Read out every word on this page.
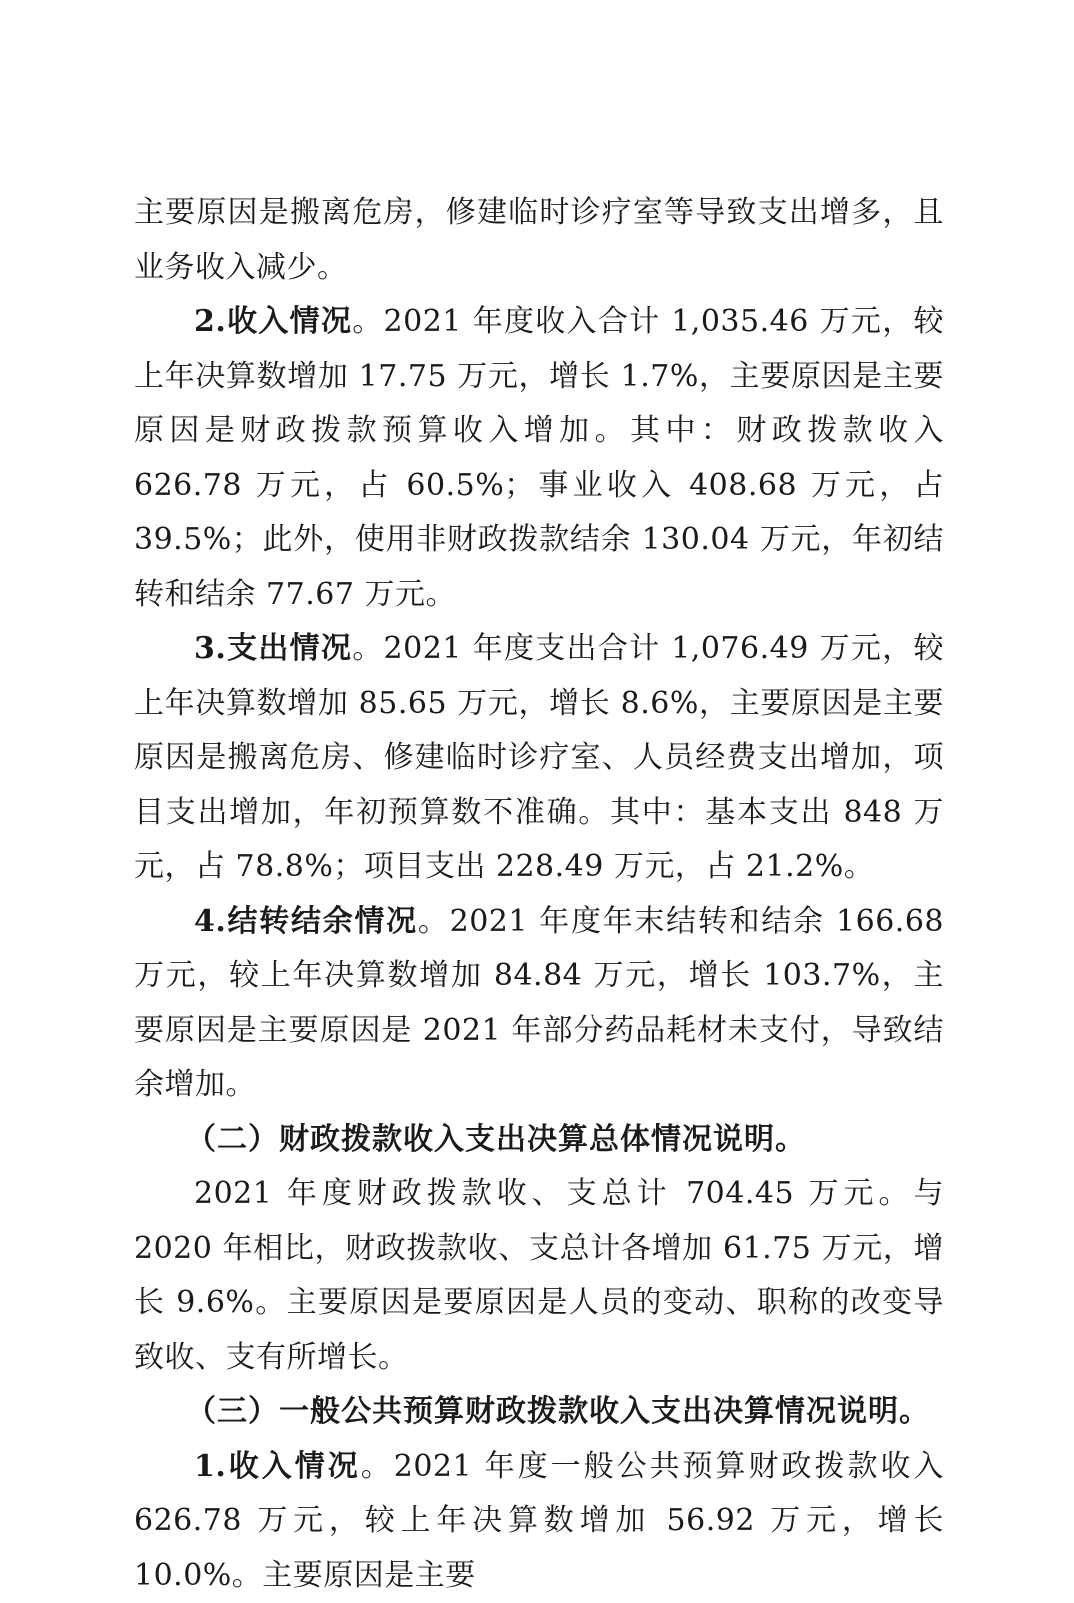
主要原因是搬离危房，修建临时诊疗室等导致支出增多，且业务收入减少。

2.收入情况。2021 年度收入合计 1,035.46 万元，较上年决算数增加 17.75 万元，增长 1.7%，主要原因是主要原因是财政拨款预算收入增加。其中：财政拨款收入 626.78 万元，占 60.5%；事业收入 408.68 万元，占 39.5%；此外，使用非财政拨款结余 130.04 万元，年初结转和结余 77.67 万元。

3.支出情况。2021 年度支出合计 1,076.49 万元，较上年决算数增加 85.65 万元，增长 8.6%，主要原因是主要原因是搬离危房、修建临时诊疗室、人员经费支出增加，项目支出增加，年初预算数不准确。其中：基本支出 848 万元，占 78.8%；项目支出 228.49 万元，占 21.2%。

4.结转结余情况。2021 年度年末结转和结余 166.68 万元，较上年决算数增加 84.84 万元，增长 103.7%，主要原因是主要原因是 2021 年部分药品耗材未支付，导致结余增加。

（二）财政拨款收入支出决算总体情况说明。

2021 年度财政拨款收、支总计 704.45 万元。与 2020 年相比，财政拨款收、支总计各增加 61.75 万元，增长 9.6%。主要原因是要原因是人员的变动、职称的改变导致收、支有所增长。

（三）一般公共预算财政拨款收入支出决算情况说明。

1.收入情况。2021 年度一般公共预算财政拨款收入 626.78 万元，较上年决算数增加 56.92 万元，增长 10.0%。主要原因是主要
